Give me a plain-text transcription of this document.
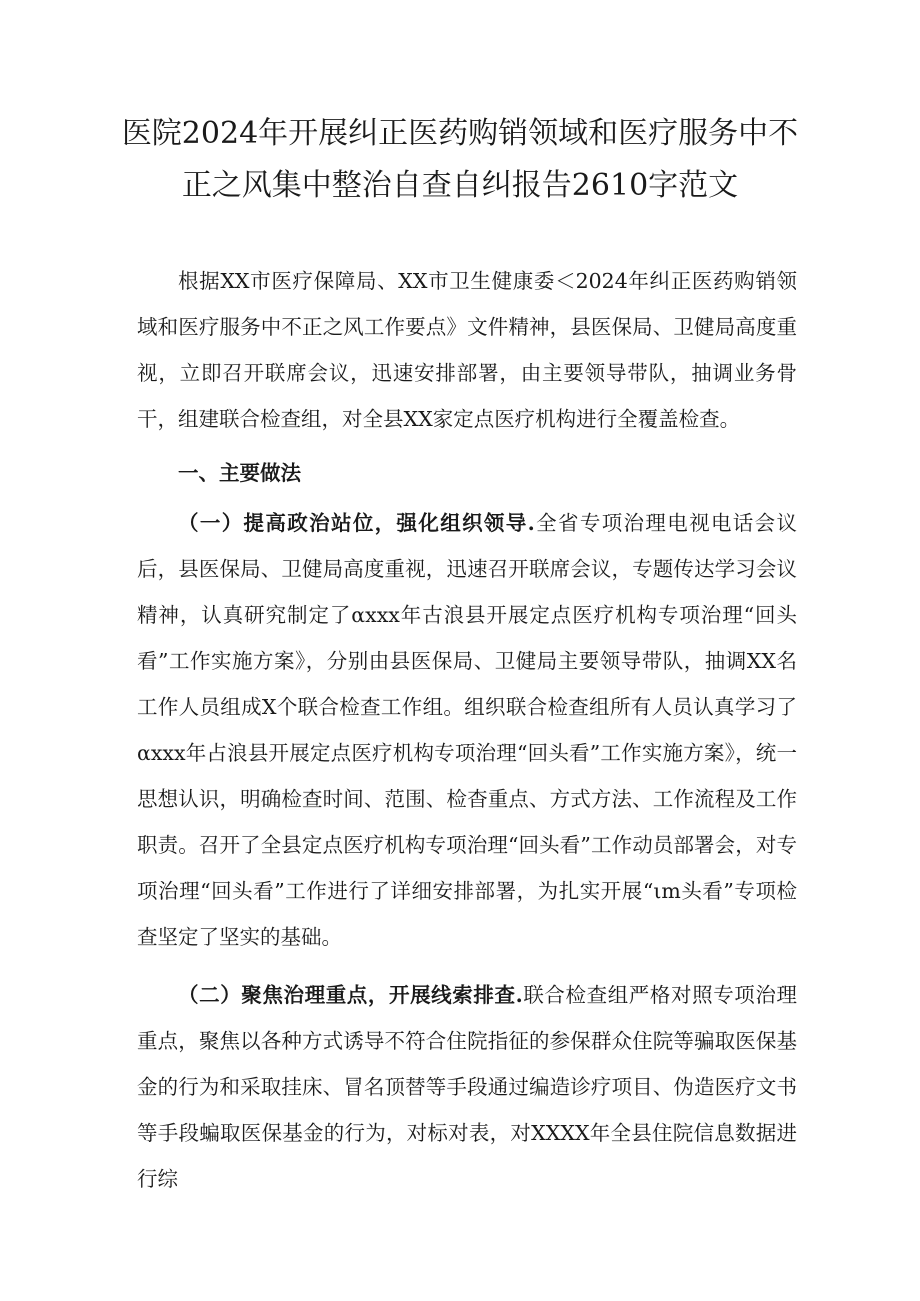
医院2024年开展纠正医药购销领域和医疗服务中不
正之风集中整治自查自纠报告2610字范文

根据XX市医疗保障局、XX市卫生健康委＜2024年纠正医药购销领域和医疗服务中不正之风工作要点》文件精神，县医保局、卫健局高度重视，立即召开联席会议，迅速安排部署，由主要领导带队，抽调业务骨干，组建联合检查组，对全县XX家定点医疗机构进行全覆盖检查。

一、主要做法

（一）提高政治站位，强化组织领导.全省专项治理电视电话会议后，县医保局、卫健局高度重视，迅速召开联席会议，专题传达学习会议精神，认真研究制定了αxxx年古浪县开展定点医疗机构专项治理“回头看”工作实施方案》，分别由县医保局、卫健局主要领导带队，抽调XX名工作人员组成X个联合检查工作组。组织联合检查组所有人员认真学习了αxxx年占浪县开展定点医疗机构专项治理“回头看”工作实施方案》，统一思想认识，明确检查时间、范围、检杳重点、方式方法、工作流程及工作职责。召开了全县定点医疗机构专项治理“回头看”工作动员部署会，对专项治理“回头看”工作进行了详细安排部署，为扎实开展“ιm头看”专项检查坚定了坚实的基础。

（二）聚焦治理重点，开展线索排查.联合检查组严格对照专项治理重点，聚焦以各种方式诱导不符合住院指征的参保群众住院等骗取医保基金的行为和采取挂床、冒名顶替等手段通过编造诊疗项目、伪造医疗文书等手段蝙取医保基金的行为，对标对表，对XXXX年全县住院信息数据进行综
